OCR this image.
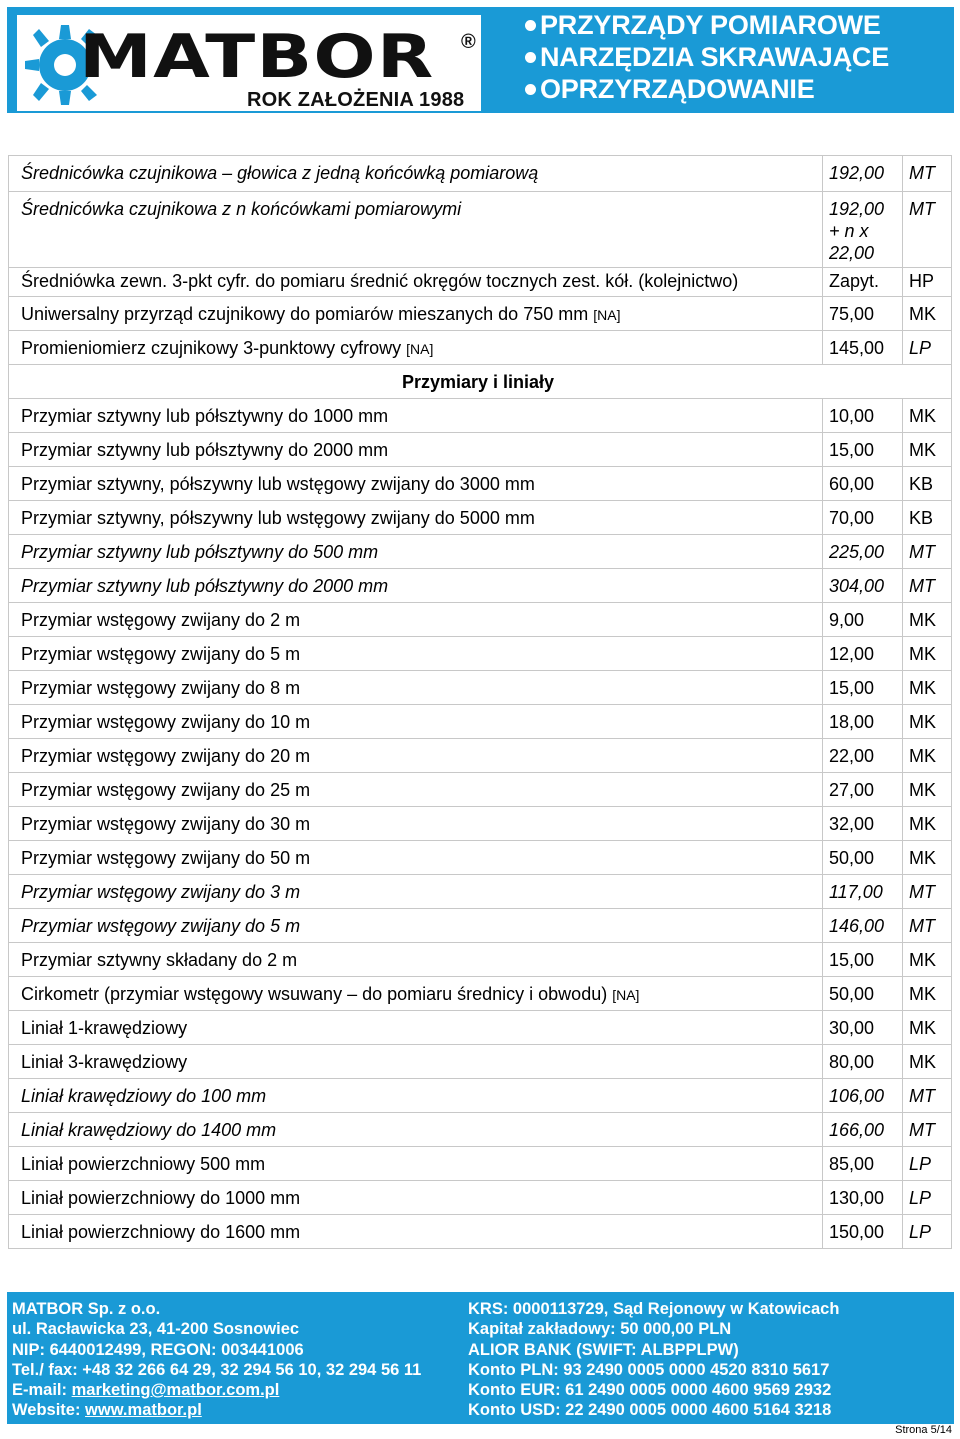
MATBOR ®
ROK ZAŁOŻENIA 1988
PRZYRZĄDY POMIAROWE
NARZĘDZIA SKRAWAJĄCE
OPRZYRZĄDOWANIE
Średnicówka czujnikowa – głowica z jedną końcówką pomiarową	192,00	MT
Średnicówka czujnikowa z n końcówkami pomiarowymi	192,00
+ n x
22,00	MT
Średniówka zewn. 3-pkt cyfr. do pomiaru średnić okręgów tocznych zest. kół. (kolejnictwo)	Zapyt.	HP
Uniwersalny przyrząd czujnikowy do pomiarów mieszanych do 750 mm [NA]	75,00	MK
Promieniomierz czujnikowy 3-punktowy cyfrowy [NA]	145,00	LP
Przymiary i liniały		
Przymiar sztywny lub półsztywny do 1000 mm	10,00	MK
Przymiar sztywny lub półsztywny do 2000 mm	15,00	MK
Przymiar sztywny, półszywny lub wstęgowy zwijany do 3000 mm	60,00	KB
Przymiar sztywny, półszywny lub wstęgowy zwijany do 5000 mm	70,00	KB
Przymiar sztywny lub półsztywny do 500 mm	225,00	MT
Przymiar sztywny lub półsztywny do 2000 mm	304,00	MT
Przymiar wstęgowy zwijany do 2 m	9,00	MK
Przymiar wstęgowy zwijany do 5 m	12,00	MK
Przymiar wstęgowy zwijany do 8 m	15,00	MK
Przymiar wstęgowy zwijany do 10 m	18,00	MK
Przymiar wstęgowy zwijany do 20 m	22,00	MK
Przymiar wstęgowy zwijany do 25 m	27,00	MK
Przymiar wstęgowy zwijany do 30 m	32,00	MK
Przymiar wstęgowy zwijany do 50 m	50,00	MK
Przymiar wstęgowy zwijany do 3 m	117,00	MT
Przymiar wstęgowy zwijany do 5 m	146,00	MT
Przymiar sztywny składany do 2 m	15,00	MK
Cirkometr (przymiar wstęgowy wsuwany – do pomiaru średnicy i obwodu) [NA]	50,00	MK
Liniał 1-krawędziowy	30,00	MK
Liniał 3-krawędziowy	80,00	MK
Liniał krawędziowy do 100 mm	106,00	MT
Liniał krawędziowy do 1400 mm	166,00	MT
Liniał powierzchniowy 500 mm	85,00	LP
Liniał powierzchniowy do 1000 mm	130,00	LP
Liniał powierzchniowy do 1600 mm	150,00	LP
MATBOR Sp. z o.o.
ul. Racławicka 23, 41-200 Sosnowiec
NIP: 6440012499, REGON: 003441006
Tel./ fax: +48 32 266 64 29, 32 294 56 10, 32 294 56 11
E-mail: marketing@matbor.com.pl
Website: www.matbor.pl
KRS: 0000113729, Sąd Rejonowy w Katowicach
Kapitał zakładowy: 50 000,00 PLN
ALIOR BANK (SWIFT: ALBPPLPW)
Konto PLN: 93 2490 0005 0000 4520 8310 5617
Konto EUR: 61 2490 0005 0000 4600 9569 2932
Konto USD: 22 2490 0005 0000 4600 5164 3218
Strona 5/14
